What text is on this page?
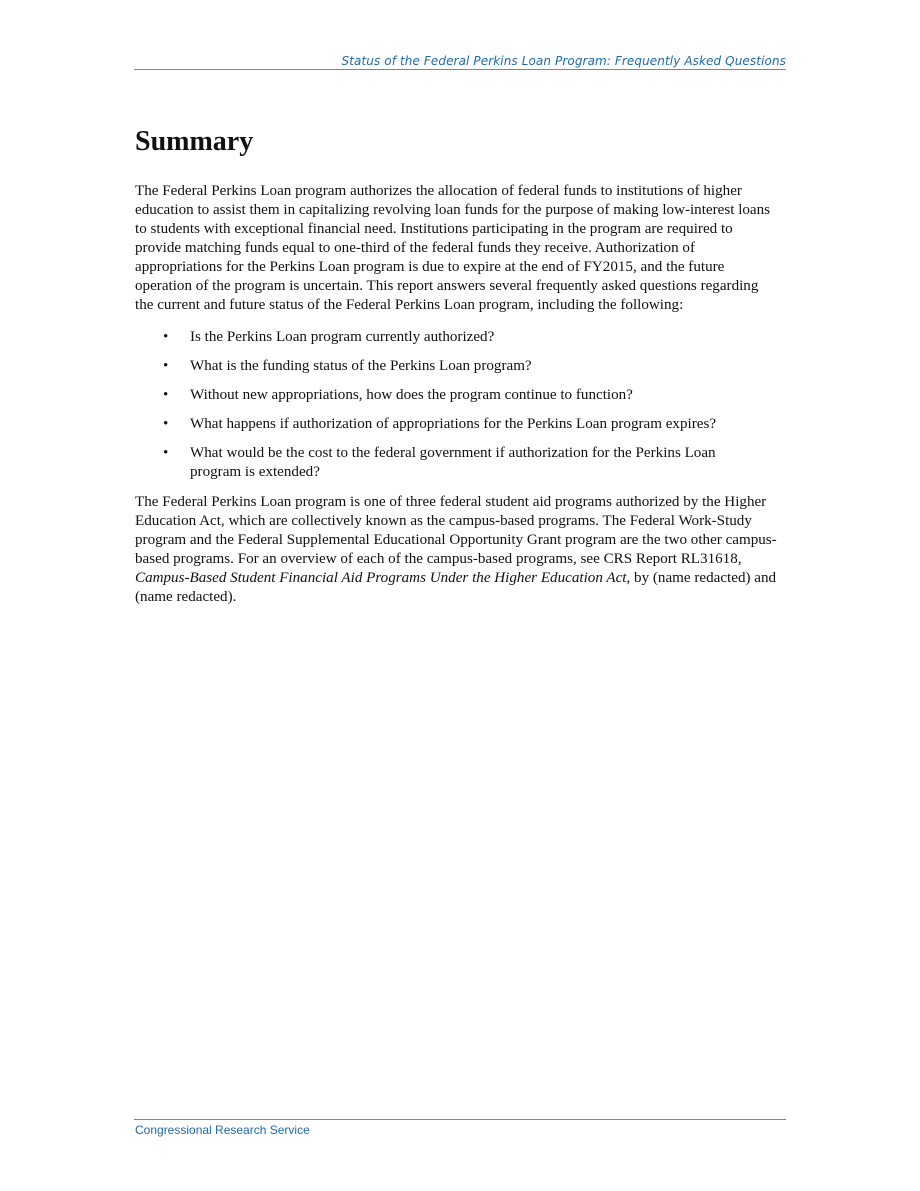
Status of the Federal Perkins Loan Program: Frequently Asked Questions
Summary

The Federal Perkins Loan program authorizes the allocation of federal funds to institutions of higher education to assist them in capitalizing revolving loan funds for the purpose of making low-interest loans to students with exceptional financial need. Institutions participating in the program are required to provide matching funds equal to one-third of the federal funds they receive. Authorization of appropriations for the Perkins Loan program is due to expire at the end of FY2015, and the future operation of the program is uncertain. This report answers several frequently asked questions regarding the current and future status of the Federal Perkins Loan program, including the following:

• Is the Perkins Loan program currently authorized?
• What is the funding status of the Perkins Loan program?
• Without new appropriations, how does the program continue to function?
• What happens if authorization of appropriations for the Perkins Loan program expires?
• What would be the cost to the federal government if authorization for the Perkins Loan program is extended?

The Federal Perkins Loan program is one of three federal student aid programs authorized by the Higher Education Act, which are collectively known as the campus-based programs. The Federal Work-Study program and the Federal Supplemental Educational Opportunity Grant program are the two other campus-based programs. For an overview of each of the campus-based programs, see CRS Report RL31618, Campus-Based Student Financial Aid Programs Under the Higher Education Act, by (name redacted) and (name redacted).

Congressional Research Service
